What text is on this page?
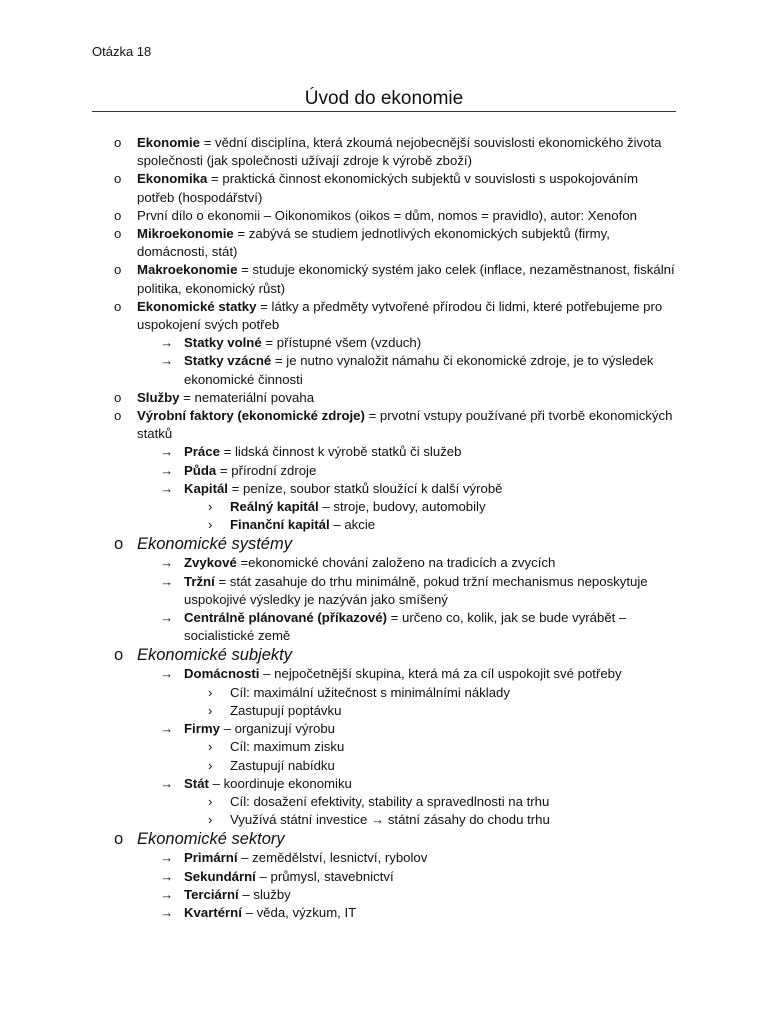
Otázka 18
Úvod do ekonomie
o Ekonomie = vědní disciplína, která zkoumá nejobecnější souvislosti ekonomického života společnosti (jak společnosti užívají zdroje k výrobě zboží)
o Ekonomika = praktická činnost ekonomických subjektů v souvislosti s uspokojováním potřeb (hospodářství)
o První dílo o ekonomii – Oikonomikos (oikos = dům, nomos = pravidlo), autor: Xenofon
o Mikroekonomie = zabývá se studiem jednotlivých ekonomických subjektů (firmy, domácnosti, stát)
o Makroekonomie = studuje ekonomický systém jako celek (inflace, nezaměstnanost, fiskální politika, ekonomický růst)
o Ekonomické statky = látky a předměty vytvořené přírodou či lidmi, které potřebujeme pro uspokojení svých potřeb
→ Statky volné = přístupné všem (vzduch)
→ Statky vzácné = je nutno vynaložit námahu či ekonomické zdroje, je to výsledek ekonomické činnosti
o Služby = nemateriální povaha
o Výrobní faktory (ekonomické zdroje) = prvotní vstupy používané při tvorbě ekonomických statků
→ Práce = lidská činnost k výrobě statků či služeb
→ Půda = přírodní zdroje
→ Kapitál = peníze, soubor statků sloužící k další výrobě
› Reálný kapitál – stroje, budovy, automobily
› Finanční kapitál – akcie
o Ekonomické systémy
→ Zvykové =ekonomické chování založeno na tradicích a zvycích
→ Tržní = stát zasahuje do trhu minimálně, pokud tržní mechanismus neposkytuje uspokojivé výsledky je nazýván jako smíšený
→ Centrálně plánované (příkazové) = určeno co, kolik, jak se bude vyrábět – socialistické země
o Ekonomické subjekty
→ Domácnosti – nejpočetnější skupina, která má za cíl uspokojit své potřeby
› Cíl: maximální užitečnost s minimálními náklady
› Zastupují poptávku
→ Firmy – organizují výrobu
› Cíl: maximum zisku
› Zastupují nabídku
→ Stát – koordinuje ekonomiku
› Cíl: dosažení efektivity, stability a spravedlnosti na trhu
› Využívá státní investice → státní zásahy do chodu trhu
o Ekonomické sektory
→ Primární – zemědělství, lesnictví, rybolov
→ Sekundární – průmysl, stavebnictví
→ Terciární – služby
→ Kvartérní – věda, výzkum, IT
